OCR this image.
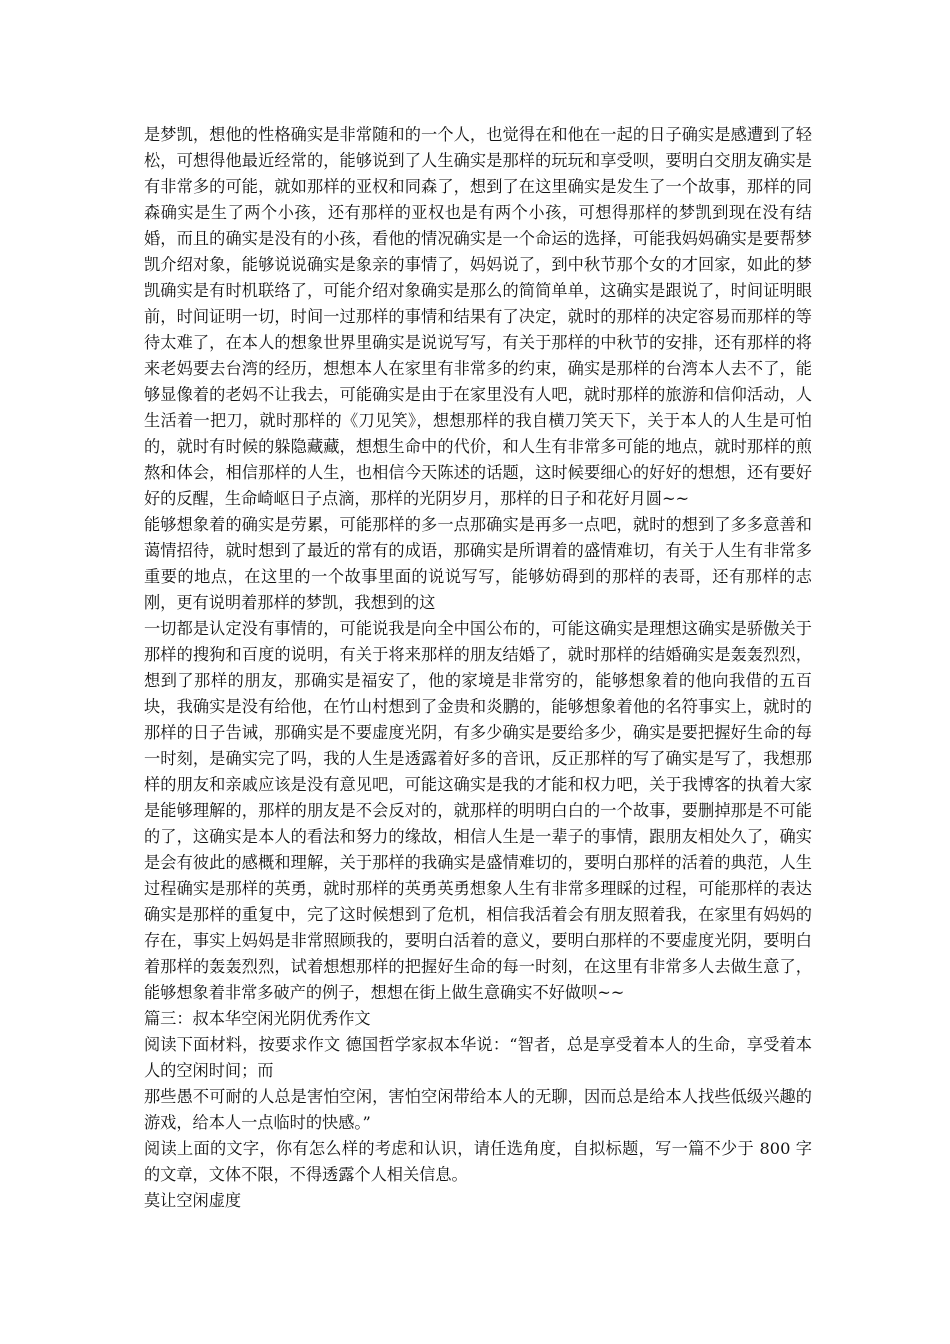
是梦凯，想他的性格确实是非常随和的一个人，也觉得在和他在一起的日子确实是感遭到了轻松，可想得他最近经常的，能够说到了人生确实是那样的玩玩和享受呗，要明白交朋友确实是有非常多的可能，就如那样的亚权和同森了，想到了在这里确实是发生了一个故事，那样的同森确实是生了两个小孩，还有那样的亚权也是有两个小孩，可想得那样的梦凯到现在没有结婚，而且的确实是没有的小孩，看他的情况确实是一个命运的选择，可能我妈妈确实是要帮梦凯介绍对象，能够说说确实是象亲的事情了，妈妈说了，到中秋节那个女的才回家，如此的梦凯确实是有时机联络了，可能介绍对象确实是那么的简简单单，这确实是跟说了，时间证明眼前，时间证明一切，时间一过那样的事情和结果有了决定，就时的那样的决定容易而那样的等待太难了，在本人的想象世界里确实是说说写写，有关于那样的中秋节的安排，还有那样的将来老妈要去台湾的经历，想想本人在家里有非常多的约束，确实是那样的台湾本人去不了，能够显像着的老妈不让我去，可能确实是由于在家里没有人吧，就时那样的旅游和信仰活动，人生活着一把刀，就时那样的《刀见笑》，想想那样的我自横刀笑天下，关于本人的人生是可怕的，就时有时候的躲隐藏藏，想想生命中的代价，和人生有非常多可能的地点，就时那样的煎熬和体会，相信那样的人生，也相信今天陈述的话题，这时候要细心的好好的想想，还有要好好的反醒，生命崎岖日子点滴，那样的光阴岁月，那样的日子和花好月圆~~

能够想象着的确实是劳累，可能那样的多一点那确实是再多一点吧，就时的想到了多多意善和蔼情招待，就时想到了最近的常有的成语，那确实是所谓着的盛情难切，有关于人生有非常多重要的地点，在这里的一个故事里面的说说写写，能够妨碍到的那样的表哥，还有那样的志刚，更有说明着那样的梦凯，我想到的这

一切都是认定没有事情的，可能说我是向全中国公布的，可能这确实是理想这确实是骄傲关于那样的搜狗和百度的说明，有关于将来那样的朋友结婚了，就时那样的结婚确实是轰轰烈烈，想到了那样的朋友，那确实是福安了，他的家境是非常穷的，能够想象着的他向我借的五百块，我确实是没有给他，在竹山村想到了金贵和炎鹏的，能够想象着他的名符事实上，就时的那样的日子告诫，那确实是不要虚度光阴，有多少确实是要给多少，确实是要把握好生命的每一时刻，是确实完了吗，我的人生是透露着好多的音讯，反正那样的写了确实是写了，我想那样的朋友和亲戚应该是没有意见吧，可能这确实是我的才能和权力吧，关于我博客的执着大家是能够理解的，那样的朋友是不会反对的，就那样的明明白白的一个故事，要删掉那是不可能的了，这确实是本人的看法和努力的缘故，相信人生是一辈子的事情，跟朋友相处久了，确实是会有彼此的感概和理解，关于那样的我确实是盛情难切的，要明白那样的活着的典范，人生过程确实是那样的英勇，就时那样的英勇英勇想象人生有非常多理睬的过程，可能那样的表达确实是那样的重复中，完了这时候想到了危机，相信我活着会有朋友照着我，在家里有妈妈的存在，事实上妈妈是非常照顾我的，要明白活着的意义，要明白那样的不要虚度光阴，要明白着那样的轰轰烈烈，试着想想那样的把握好生命的每一时刻，在这里有非常多人去做生意了，能够想象着非常多破产的例子，想想在街上做生意确实不好做呗~~

篇三：叔本华空闲光阴优秀作文

阅读下面材料，按要求作文 德国哲学家叔本华说：“智者，总是享受着本人的生命，享受着本人的空闲时间；而

那些愚不可耐的人总是害怕空闲，害怕空闲带给本人的无聊，因而总是给本人找些低级兴趣的游戏，给本人一点临时的快感。”

阅读上面的文字，你有怎么样的考虑和认识，请任选角度，自拟标题，写一篇不少于 800 字的文章，文体不限，不得透露个人相关信息。

莫让空闲虚度
